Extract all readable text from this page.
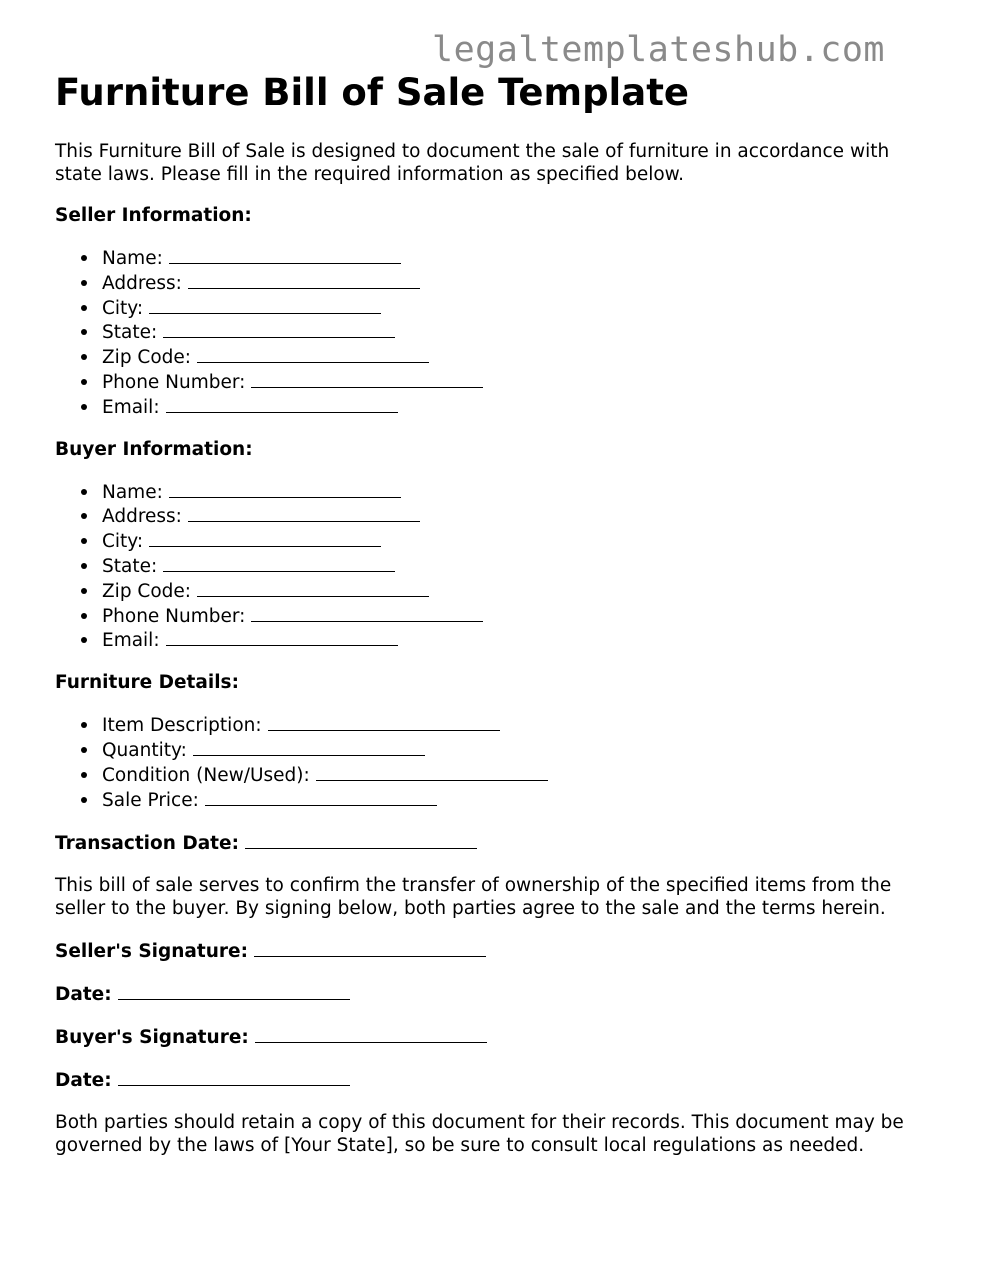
legaltemplateshub.com
Furniture Bill of Sale Template

This Furniture Bill of Sale is designed to document the sale of furniture in accordance with state laws. Please fill in the required information as specified below.

Seller Information:
Name:
Address:
City:
State:
Zip Code:
Phone Number:
Email:
Buyer Information:
Name:
Address:
City:
State:
Zip Code:
Phone Number:
Email:
Furniture Details:
Item Description:
Quantity:
Condition (New/Used):
Sale Price:
Transaction Date:

This bill of sale serves to confirm the transfer of ownership of the specified items from the seller to the buyer. By signing below, both parties agree to the sale and the terms herein.

Seller's Signature:
Date:
Buyer's Signature:
Date:

Both parties should retain a copy of this document for their records. This document may be governed by the laws of [Your State], so be sure to consult local regulations as needed.
